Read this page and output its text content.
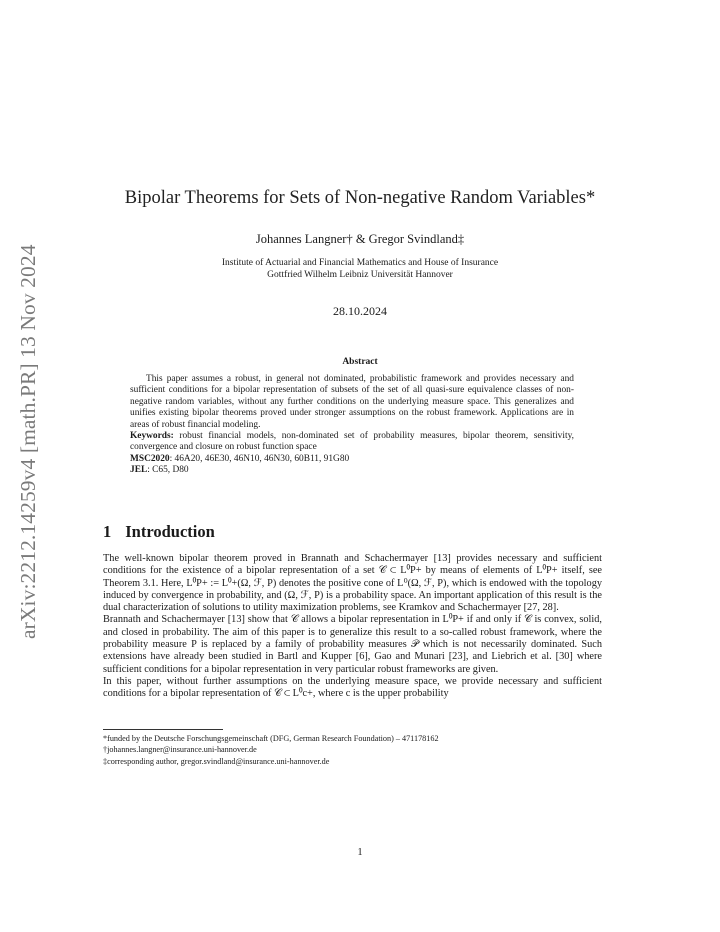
arXiv:2212.14259v4 [math.PR] 13 Nov 2024
Bipolar Theorems for Sets of Non-negative Random Variables*
Johannes Langner† & Gregor Svindland‡
Institute of Actuarial and Financial Mathematics and House of Insurance
Gottfried Wilhelm Leibniz Universität Hannover
28.10.2024
Abstract
This paper assumes a robust, in general not dominated, probabilistic framework and provides necessary and sufficient conditions for a bipolar representation of subsets of the set of all quasi-sure equivalence classes of non-negative random variables, without any further conditions on the underlying measure space. This generalizes and unifies existing bipolar theorems proved under stronger assumptions on the robust framework. Applications are in areas of robust financial modeling.
Keywords: robust financial models, non-dominated set of probability measures, bipolar theorem, sensitivity, convergence and closure on robust function space
MSC2020: 46A20, 46E30, 46N10, 46N30, 60B11, 91G80
JEL: C65, D80
1 Introduction

The well-known bipolar theorem proved in Brannath and Schachermayer [13] provides necessary and sufficient conditions for the existence of a bipolar representation of a set 𝒞 ⊂ L⁰P+ by means of elements of L⁰P+ itself, see Theorem 3.1. Here, L⁰P+ := L⁰+(Ω, ℱ, P) denotes the positive cone of L⁰(Ω, ℱ, P), which is endowed with the topology induced by convergence in probability, and (Ω, ℱ, P) is a probability space. An important application of this result is the dual characterization of solutions to utility maximization problems, see Kramkov and Schachermayer [27, 28].

Brannath and Schachermayer [13] show that 𝒞 allows a bipolar representation in L⁰P+ if and only if 𝒞 is convex, solid, and closed in probability. The aim of this paper is to generalize this result to a so-called robust framework, where the probability measure P is replaced by a family of probability measures 𝒫 which is not necessarily dominated. Such extensions have already been studied in Bartl and Kupper [6], Gao and Munari [23], and Liebrich et al. [30] where sufficient conditions for a bipolar representation in very particular robust frameworks are given.

In this paper, without further assumptions on the underlying measure space, we provide necessary and sufficient conditions for a bipolar representation of 𝒞 ⊂ L⁰c+, where c is the upper probability

*funded by the Deutsche Forschungsgemeinschaft (DFG, German Research Foundation) – 471178162
†johannes.langner@insurance.uni-hannover.de
‡corresponding author, gregor.svindland@insurance.uni-hannover.de
1
